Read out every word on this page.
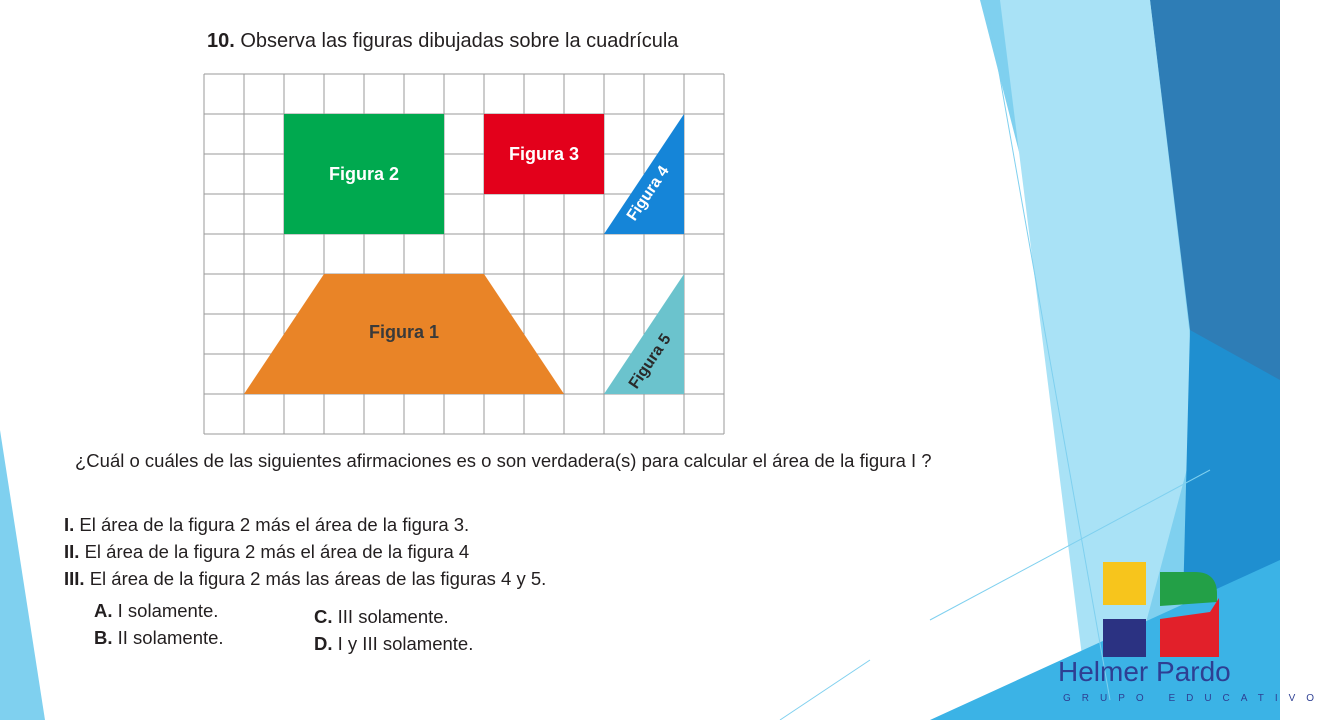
10. Observa las figuras dibujadas sobre la cuadrícula
Figura 2
Figura 3
Figura 4
Figura 1	Figura 5
¿Cuál o cuáles de las siguientes afirmaciones es o son verdadera(s) para calcular el área de la figura I ?
I. El área de la figura 2 más el área de la figura 3.
II. El área de la figura 2 más el área de la figura 4
III. El área de la figura 2 más las áreas de las figuras 4 y 5.
A. I solamente.
B. II solamente.
C. III solamente.
D. I y III solamente.
Helmer Pardo
GRUPO EDUCATIVO
